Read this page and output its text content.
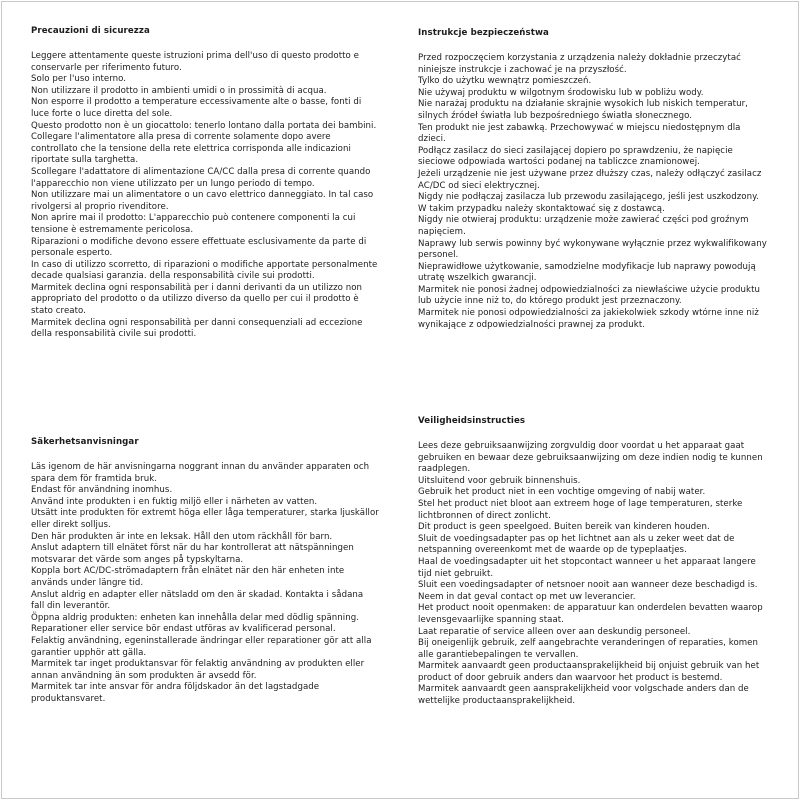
Precauzioni di sicurezza
Leggere attentamente queste istruzioni prima dell'uso di questo prodotto e conservarle per riferimento futuro.
Solo per l'uso interno.
Non utilizzare il prodotto in ambienti umidi o in prossimità di acqua.
Non esporre il prodotto a temperature eccessivamente alte o basse, fonti di luce forte o luce diretta del sole.
Questo prodotto non è un giocattolo: tenerlo lontano dalla portata dei bambini.
Collegare l'alimentatore alla presa di corrente solamente dopo avere controllato che la tensione della rete elettrica corrisponda alle indicazioni riportate sulla targhetta.
Scollegare l'adattatore di alimentazione CA/CC dalla presa di corrente quando l'apparecchio non viene utilizzato per un lungo periodo di tempo.
Non utilizzare mai un alimentatore o un cavo elettrico danneggiato. In tal caso rivolgersi al proprio rivenditore.
Non aprire mai il prodotto: L'apparecchio può contenere componenti la cui tensione è estremamente pericolosa.
Riparazioni o modifiche devono essere effettuate esclusivamente da parte di personale esperto.
In caso di utilizzo scorretto, di riparazioni o modifiche apportate personalmente decade qualsiasi garanzia. della responsabilità civile sui prodotti.
Marmitek declina ogni responsabilità per i danni derivanti da un utilizzo non appropriato del prodotto o da utilizzo diverso da quello per cui il prodotto è stato creato.
Marmitek declina ogni responsabilità per danni consequenziali ad eccezione della responsabilità civile sui prodotti.
Säkerhetsanvisningar
Läs igenom de här anvisningarna noggrant innan du använder apparaten och spara dem för framtida bruk.
Endast för användning inomhus.
Använd inte produkten i en fuktig miljö eller i närheten av vatten.
Utsätt inte produkten för extremt höga eller låga temperaturer, starka ljuskällor eller direkt solljus.
Den här produkten är inte en leksak. Håll den utom räckhåll för barn.
Anslut adaptern till elnätet först när du har kontrollerat att nätspänningen motsvarar det värde som anges på typskyltarna.
Koppla bort AC/DC-strömadaptern från elnätet när den här enheten inte används under längre tid.
Anslut aldrig en adapter eller nätsladd om den är skadad. Kontakta i sådana fall din leverantör.
Öppna aldrig produkten: enheten kan innehålla delar med dödlig spänning.
Reparationer eller service bör endast utföras av kvalificerad personal.
Felaktig användning, egeninstallerade ändringar eller reparationer gör att alla garantier upphör att gälla.
Marmitek tar inget produktansvar för felaktig användning av produkten eller annan användning än som produkten är avsedd för.
Marmitek tar inte ansvar för andra följdskador än det lagstadgade produktansvaret.
Instrukcje bezpieczeństwa
Przed rozpoczęciem korzystania z urządzenia należy dokładnie przeczytać niniejsze instrukcje i zachować je na przyszłość.
Tylko do użytku wewnątrz pomieszczeń.
Nie używaj produktu w wilgotnym środowisku lub w pobliżu wody.
Nie narażaj produktu na działanie skrajnie wysokich lub niskich temperatur, silnych źródeł światła lub bezpośredniego światła słonecznego.
Ten produkt nie jest zabawką. Przechowywać w miejscu niedostępnym dla dzieci.
Podłącz zasilacz do sieci zasilającej dopiero po sprawdzeniu, że napięcie sieciowe odpowiada wartości podanej na tabliczce znamionowej.
Jeżeli urządzenie nie jest używane przez dłuższy czas, należy odłączyć zasilacz AC/DC od sieci elektrycznej.
Nigdy nie podłączaj zasilacza lub przewodu zasilającego, jeśli jest uszkodzony. W takim przypadku należy skontaktować się z dostawcą.
Nigdy nie otwieraj produktu: urządzenie może zawierać części pod groźnym napięciem.
Naprawy lub serwis powinny być wykonywane wyłącznie przez wykwalifikowany personel.
Nieprawidłowe użytkowanie, samodzielne modyfikacje lub naprawy powodują utratę wszelkich gwarancji.
Marmitek nie ponosi żadnej odpowiedzialności za niewłaściwe użycie produktu lub użycie inne niż to, do którego produkt jest przeznaczony.
Marmitek nie ponosi odpowiedzialności za jakiekolwiek szkody wtórne inne niż wynikające z odpowiedzialności prawnej za produkt.
Veiligheidsinstructies
Lees deze gebruiksaanwijzing zorgvuldig door voordat u het apparaat gaat gebruiken en bewaar deze gebruiksaanwijzing om deze indien nodig te kunnen raadplegen.
Uitsluitend voor gebruik binnenshuis.
Gebruik het product niet in een vochtige omgeving of nabij water.
Stel het product niet bloot aan extreem hoge of lage temperaturen, sterke lichtbronnen of direct zonlicht.
Dit product is geen speelgoed. Buiten bereik van kinderen houden.
Sluit de voedingsadapter pas op het lichtnet aan als u zeker weet dat de netspanning overeenkomt met de waarde op de typeplaatjes.
Haal de voedingsadapter uit het stopcontact wanneer u het apparaat langere tijd niet gebruikt.
Sluit een voedingsadapter of netsnoer nooit aan wanneer deze beschadigd is. Neem in dat geval contact op met uw leverancier.
Het product nooit openmaken: de apparatuur kan onderdelen bevatten waarop levensgevaarlijke spanning staat.
Laat reparatie of service alleen over aan deskundig personeel.
Bij oneigenlijk gebruik, zelf aangebrachte veranderingen of reparaties, komen alle garantiebepalingen te vervallen.
Marmitek aanvaardt geen productaansprakelijkheid bij onjuist gebruik van het product of door gebruik anders dan waarvoor het product is bestemd.
Marmitek aanvaardt geen aansprakelijkheid voor volgschade anders dan de wettelijke productaansprakelijkheid.
